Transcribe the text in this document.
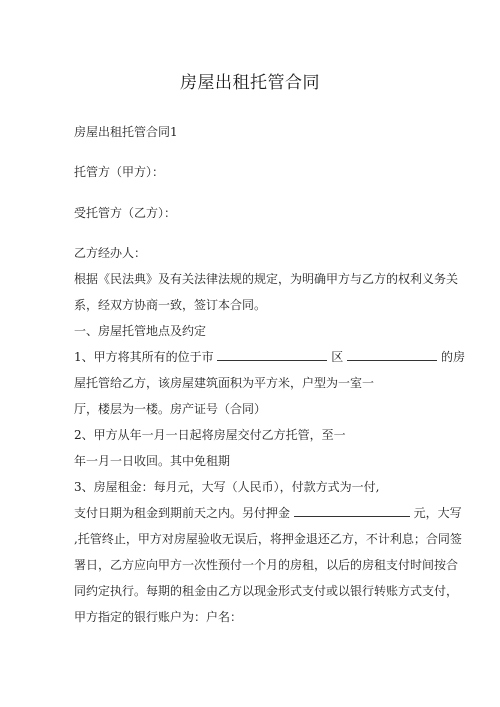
房屋出租托管合同
房屋出租托管合同1
托管方（甲方）：
受托管方（乙方）：
乙方经办人：
根据《民法典》及有关法律法规的规定，为明确甲方与乙方的权利义务关
系，经双方协商一致，签订本合同。
一、房屋托管地点及约定
1、甲方将其所有的位于市	区	的房
屋托管给乙方，该房屋建筑面积为平方米，户型为一室一
厅，楼层为一楼。房产证号（合同）
2、甲方从年一月一日起将房屋交付乙方托管，至一
年一月一日收回。其中免租期
3、房屋租金：每月元，大写（人民币），付款方式为一付,
支付日期为租金到期前天之内。另付押金	元，大写
,托管终止，甲方对房屋验收无误后，将押金退还乙方，不计利息；合同签
署日，乙方应向甲方一次性预付一个月的房租，以后的房租支付时间按合
同约定执行。每期的租金由乙方以现金形式支付或以银行转账方式支付，
甲方指定的银行账户为：户名：
